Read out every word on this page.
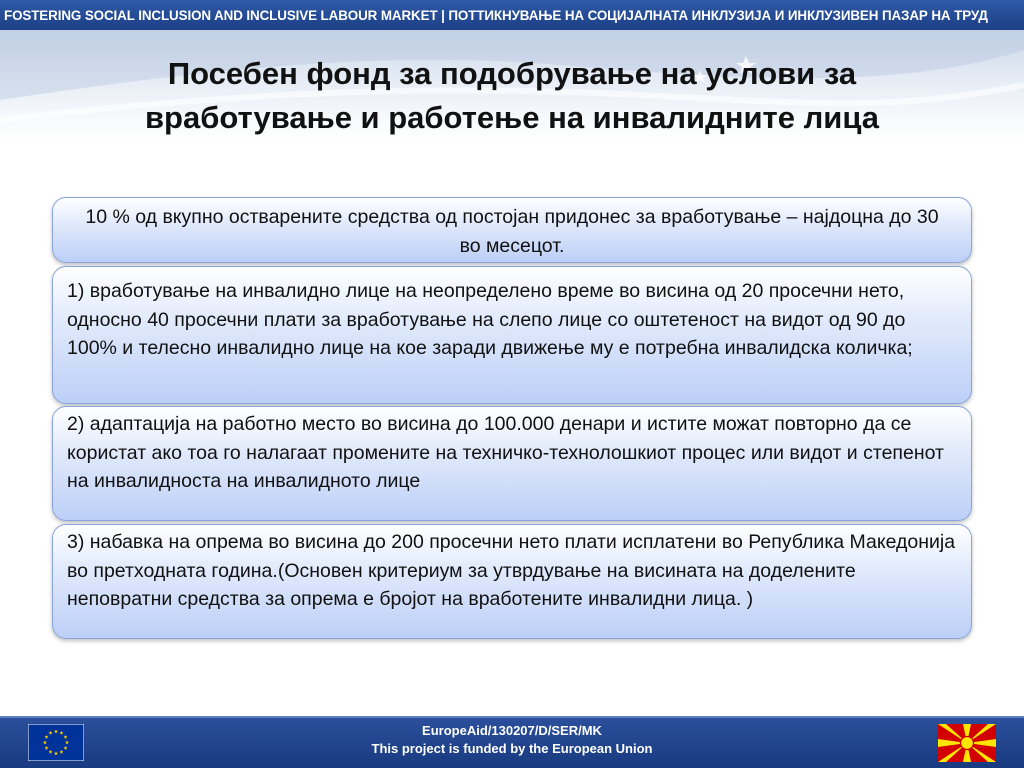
FOSTERING SOCIAL INCLUSION AND INCLUSIVE LABOUR MARKET | ПОТТИКНУВАЊЕ НА СОЦИЈАЛНАТА ИНКЛУЗИЈА И ИНКЛУЗИВЕН ПАЗАР НА ТРУД
Посебен фонд за подобрување на услови за
вработување и работење на инвалидните лица
10 % од вкупно остварените средства од постојан придонес за вработување – најдоцна до 30 во месецот.
1) вработување на инвалидно лице на неопределено време во висина од 20 просечни нето, односно 40 просечни плати за вработување на слепо лице со оштетеност на видот од 90 до 100% и телесно инвалидно лице на кое заради движење му е потребна инвалидска количка;
2) адаптација на работно место во висина до 100.000 денари и истите можат повторно да се користат ако тоа го налагаат промените на техничко-технолошкиот процес или видот и степенот на инвалидноста на инвалидното лице
3) набавка на опрема во висина до 200 просечни нето плати исплатени во Република Македонија во претходната година.(Основен критериум за утврдување на висината на доделените неповратни средства за опрема е бројот на вработените инвалидни лица. )
EuropeAid/130207/D/SER/MK
This project is funded by the European Union
